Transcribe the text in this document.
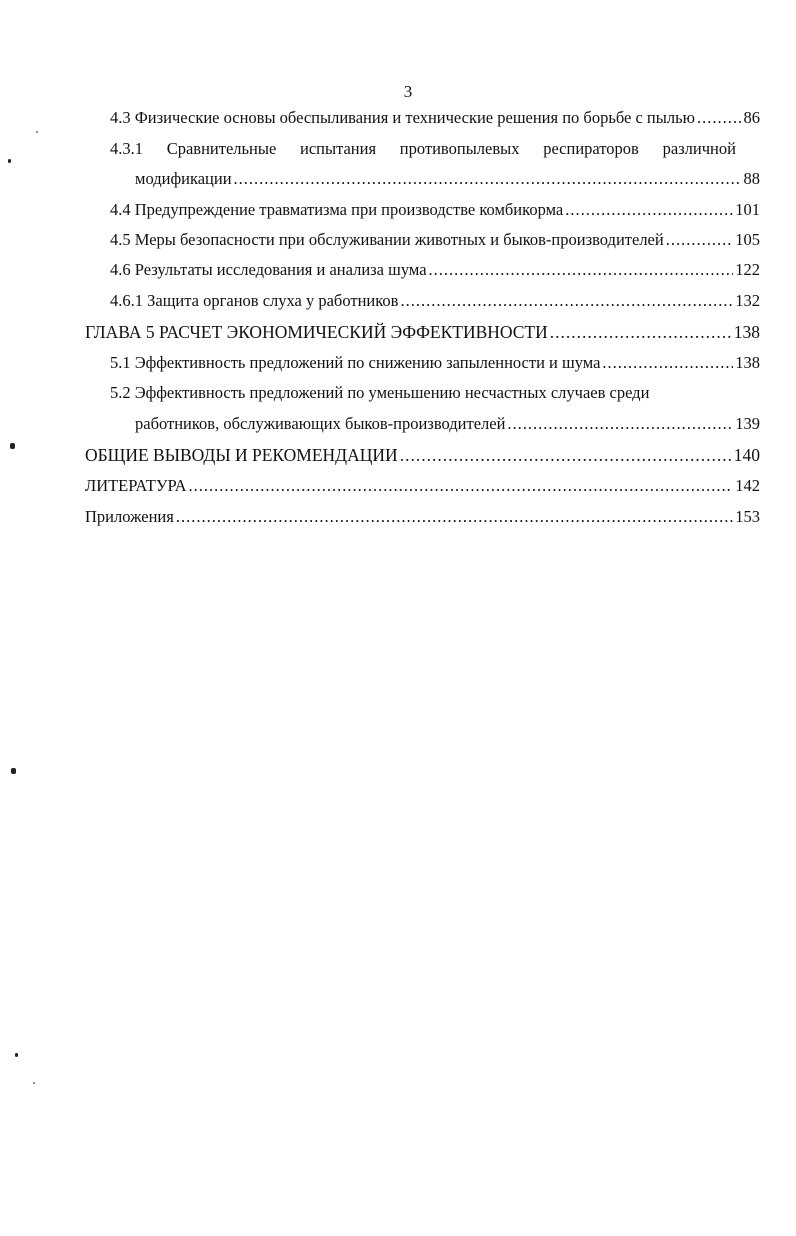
3
4.3 Физические основы обеспыливания и технические решения по борьбе с пылью .....	86
4.3.1 Сравнительные испытания противопылевых респираторов различной
модификации .....	88
4.4 Предупреждение травматизма при производстве комбикорма .....	101
4.5 Меры безопасности при обслуживании животных и быков-производителей .....	105
4.6 Результаты исследования и анализа шума .....	122
4.6.1 Защита органов слуха у работников .....	132
ГЛАВА 5 РАСЧЕТ ЭКОНОМИЧЕСКИЙ ЭФФЕКТИВНОСТИ .....	138
5.1 Эффективность предложений по снижению запыленности и шума .....	138
5.2 Эффективность предложений по уменьшению несчастных случаев среди
работников, обслуживающих быков-производителей .....	139
ОБЩИЕ ВЫВОДЫ И РЕКОМЕНДАЦИИ .....	140
ЛИТЕРАТУРА .....	142
Приложения .....	153
